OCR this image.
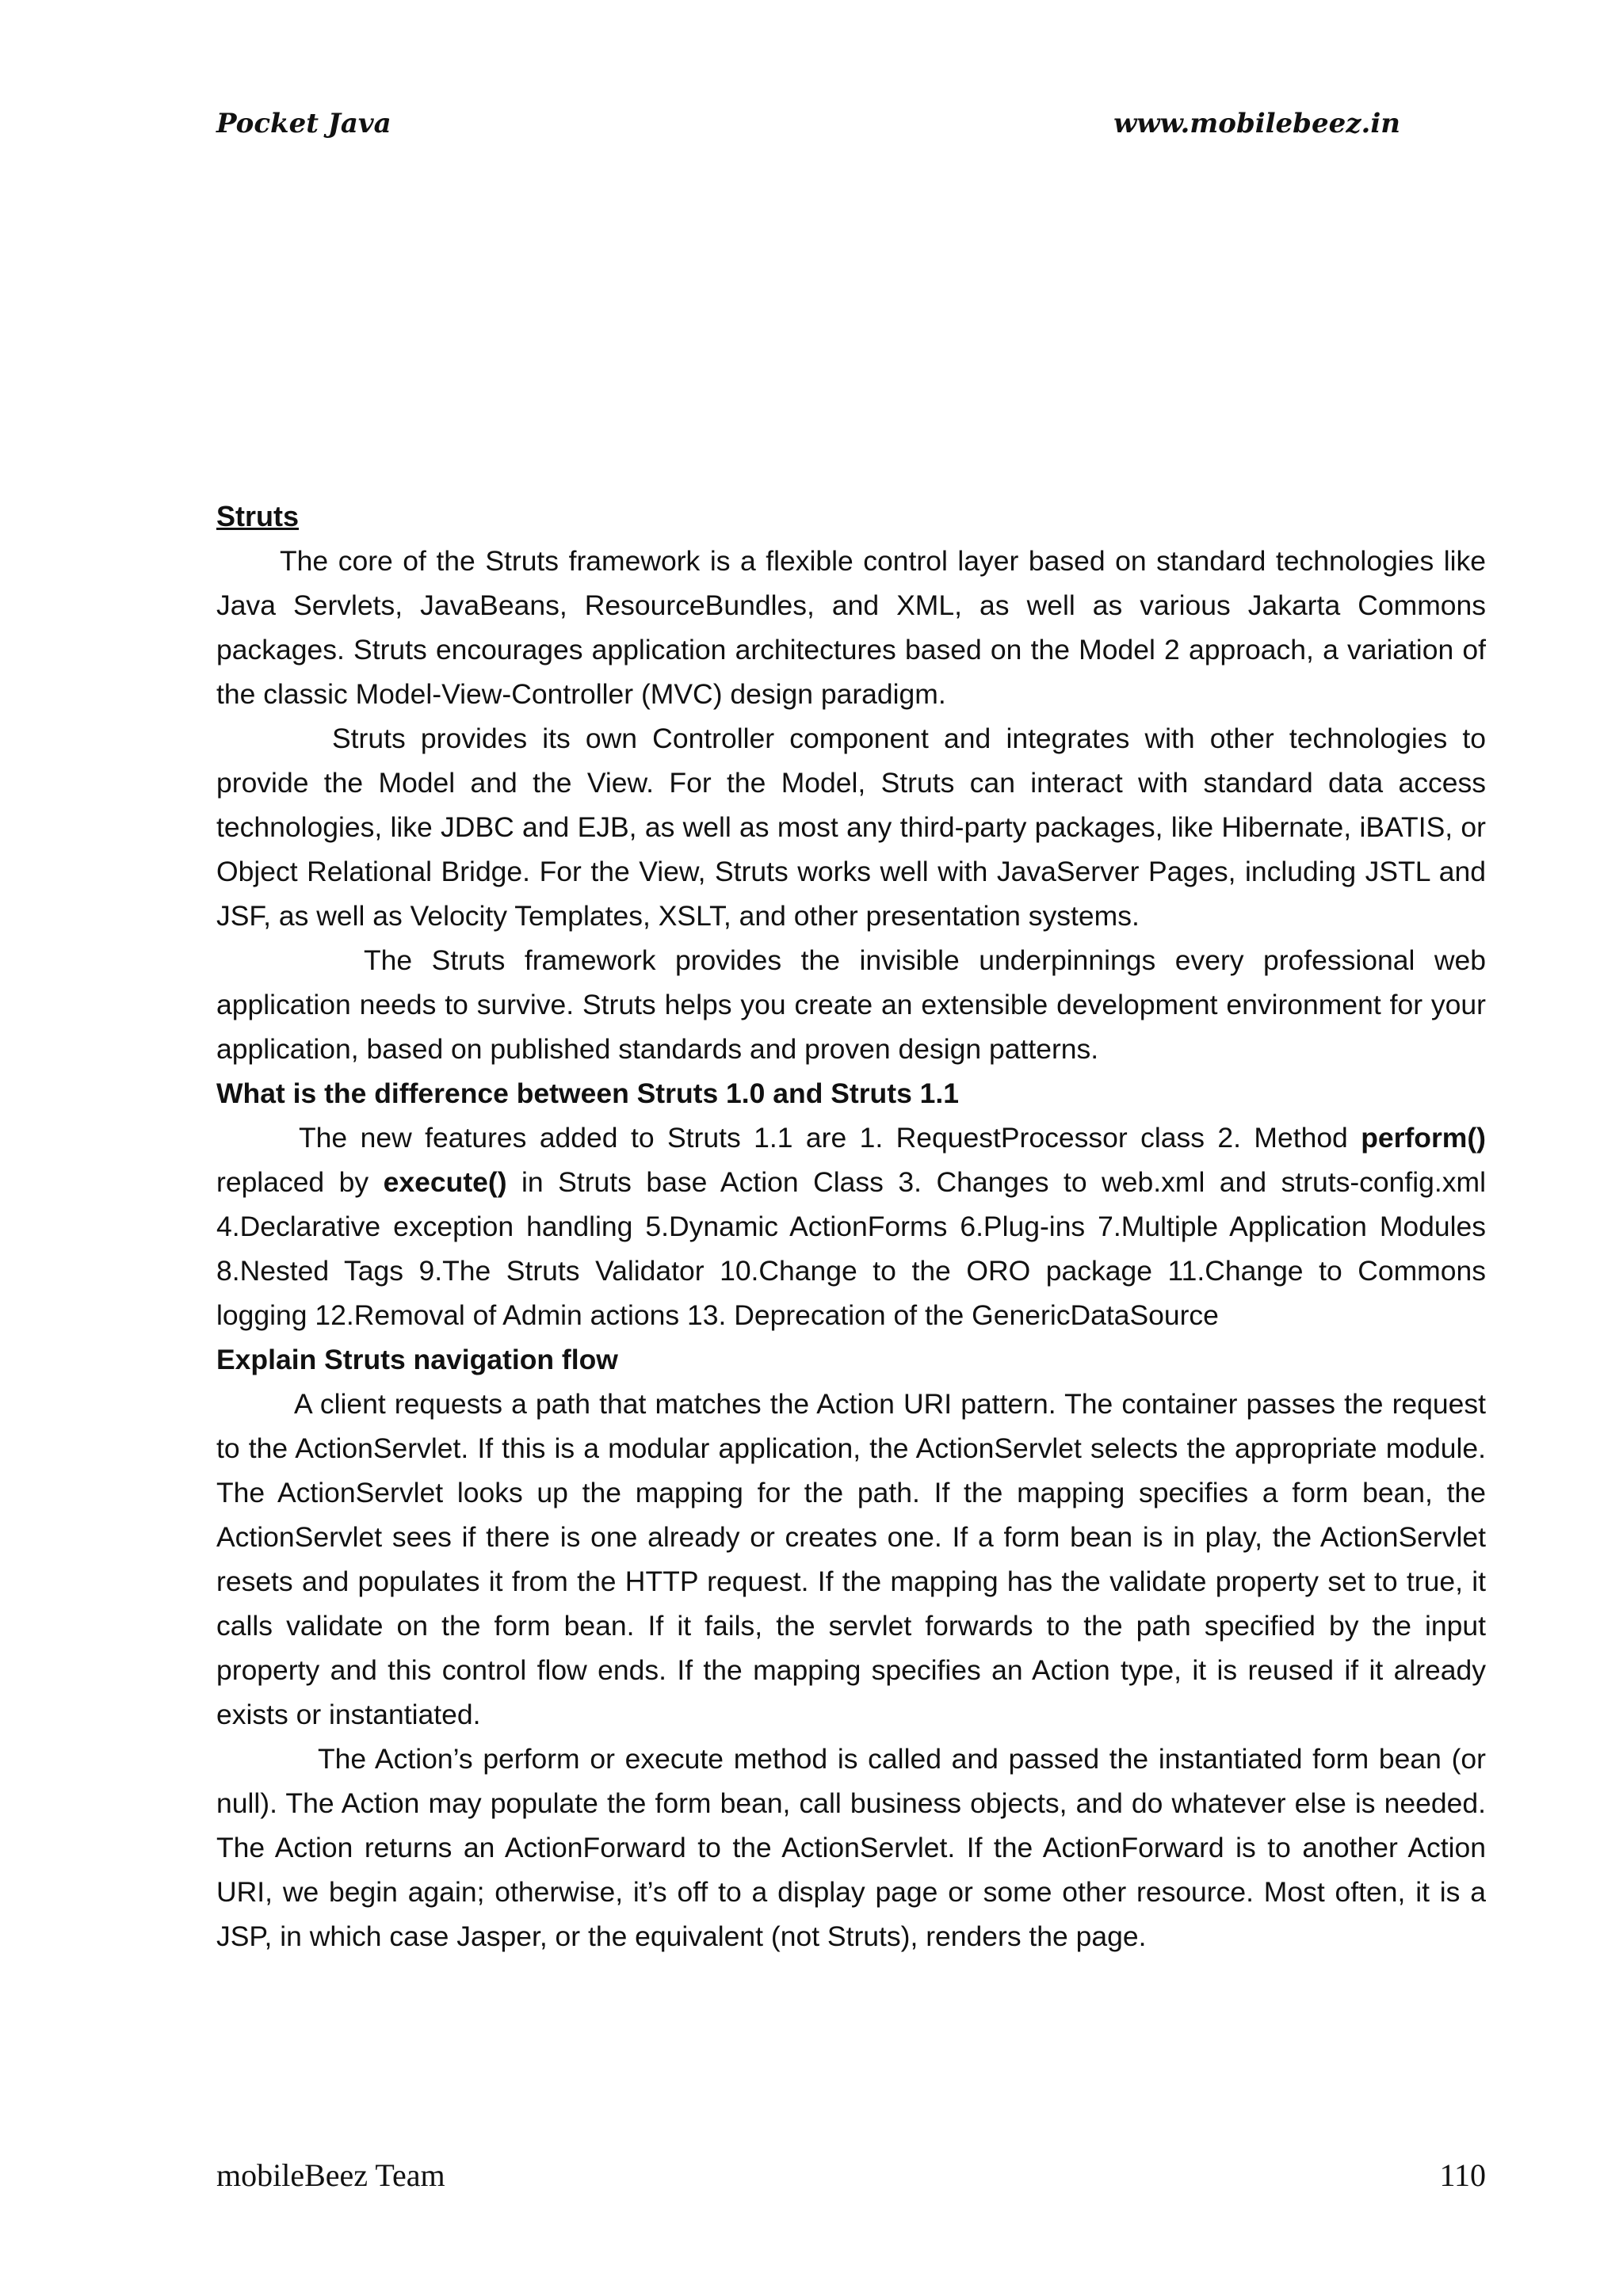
Pocket Java	www.mobilebeez.in

Struts

The core of the Struts framework is a flexible control layer based on standard technologies like Java Servlets, JavaBeans, ResourceBundles, and XML, as well as various Jakarta Commons packages. Struts encourages application architectures based on the Model 2 approach, a variation of the classic Model-View-Controller (MVC) design paradigm.

Struts provides its own Controller component and integrates with other technologies to provide the Model and the View. For the Model, Struts can interact with standard data access technologies, like JDBC and EJB, as well as most any third-party packages, like Hibernate, iBATIS, or Object Relational Bridge. For the View, Struts works well with JavaServer Pages, including JSTL and JSF, as well as Velocity Templates, XSLT, and other presentation systems.

The Struts framework provides the invisible underpinnings every professional web application needs to survive. Struts helps you create an extensible development environment for your application, based on published standards and proven design patterns.

What is the difference between Struts 1.0 and Struts 1.1

The new features added to Struts 1.1 are 1. RequestProcessor class 2. Method perform() replaced by execute() in Struts base Action Class 3. Changes to web.xml and struts-config.xml 4.Declarative exception handling 5.Dynamic ActionForms 6.Plug-ins 7.Multiple Application Modules 8.Nested Tags 9.The Struts Validator 10.Change to the ORO package 11.Change to Commons logging 12.Removal of Admin actions 13. Deprecation of the GenericDataSource

Explain Struts navigation flow

A client requests a path that matches the Action URI pattern. The container passes the request to the ActionServlet. If this is a modular application, the ActionServlet selects the appropriate module. The ActionServlet looks up the mapping for the path. If the mapping specifies a form bean, the ActionServlet sees if there is one already or creates one. If a form bean is in play, the ActionServlet resets and populates it from the HTTP request. If the mapping has the validate property set to true, it calls validate on the form bean. If it fails, the servlet forwards to the path specified by the input property and this control flow ends. If the mapping specifies an Action type, it is reused if it already exists or instantiated.

The Action’s perform or execute method is called and passed the instantiated form bean (or null). The Action may populate the form bean, call business objects, and do whatever else is needed. The Action returns an ActionForward to the ActionServlet. If the ActionForward is to another Action URI, we begin again; otherwise, it’s off to a display page or some other resource. Most often, it is a JSP, in which case Jasper, or the equivalent (not Struts), renders the page.

mobileBeez Team	110
